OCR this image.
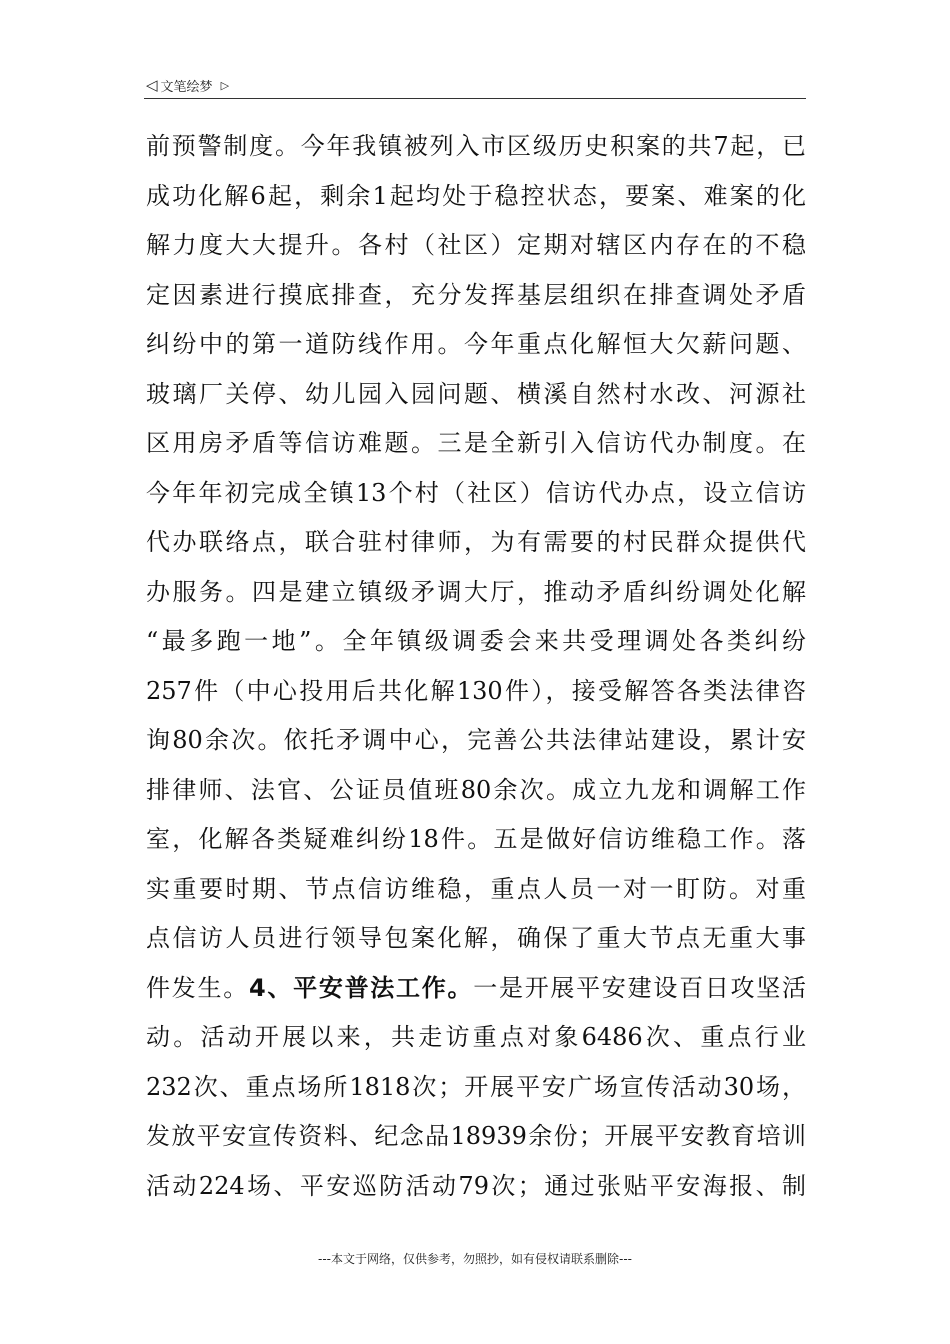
◁ 文笔绘梦 ▷
前预警制度。今年我镇被列入市区级历史积案的共7起，已
成功化解6起，剩余1起均处于稳控状态，要案、难案的化
解力度大大提升。各村（社区）定期对辖区内存在的不稳
定因素进行摸底排查，充分发挥基层组织在排查调处矛盾
纠纷中的第一道防线作用。今年重点化解恒大欠薪问题、
玻璃厂关停、幼儿园入园问题、横溪自然村水改、河源社
区用房矛盾等信访难题。三是全新引入信访代办制度。在
今年年初完成全镇13个村（社区）信访代办点，设立信访
代办联络点，联合驻村律师，为有需要的村民群众提供代
办服务。四是建立镇级矛调大厅，推动矛盾纠纷调处化解
“最多跑一地”。全年镇级调委会来共受理调处各类纠纷
257件（中心投用后共化解130件），接受解答各类法律咨
询80余次。依托矛调中心，完善公共法律站建设，累计安
排律师、法官、公证员值班80余次。成立九龙和调解工作
室，化解各类疑难纠纷18件。五是做好信访维稳工作。落
实重要时期、节点信访维稳，重点人员一对一盯防。对重
点信访人员进行领导包案化解，确保了重大节点无重大事
件发生。4、平安普法工作。一是开展平安建设百日攻坚活
动。活动开展以来，共走访重点对象6486次、重点行业
232次、重点场所1818次；开展平安广场宣传活动30场，
发放平安宣传资料、纪念品18939余份；开展平安教育培训
活动224场、平安巡防活动79次；通过张贴平安海报、制
---本文于网络，仅供参考，勿照抄，如有侵权请联系删除---
